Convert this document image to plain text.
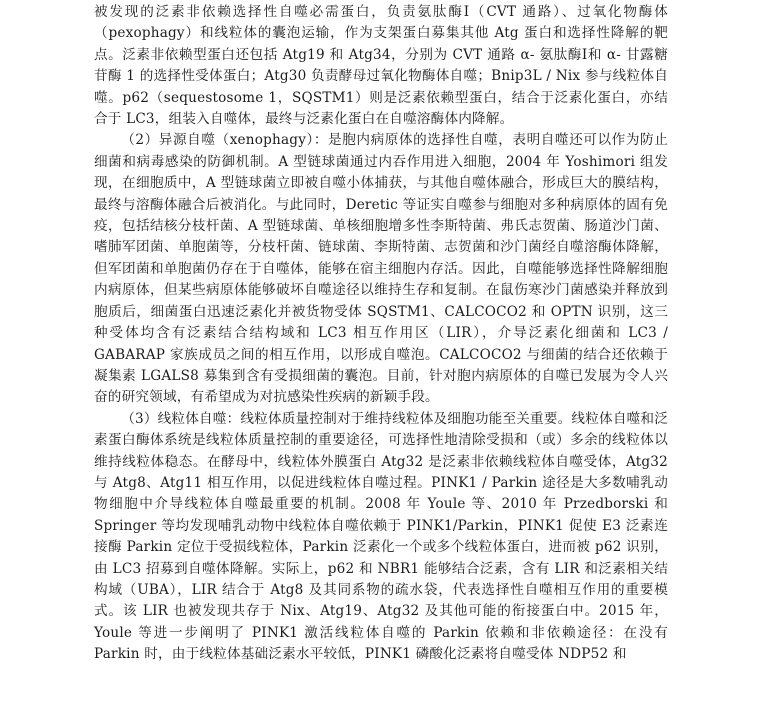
被发现的泛素非依赖选择性自噬必需蛋白，负责氨肽酶Ⅰ（CVT 通路）、过氧化物酶体（pexophagy）和线粒体的囊泡运输，作为支架蛋白募集其他 Atg 蛋白和选择性降解的靶点。泛素非依赖型蛋白还包括 Atg19 和 Atg34，分别为 CVT 通路 α- 氨肽酶Ⅰ和 α- 甘露糖苷酶 1 的选择性受体蛋白；Atg30 负责酵母过氧化物酶体自噬；Bnip3L / Nix 参与线粒体自噬。p62（sequestosome 1，SQSTM1）则是泛素依赖型蛋白，结合于泛素化蛋白，亦结合于 LC3，组装入自噬体，最终与泛素化蛋白在自噬溶酶体内降解。

（2）异源自噬（xenophagy）：是胞内病原体的选择性自噬，表明自噬还可以作为防止细菌和病毒感染的防御机制。A 型链球菌通过内吞作用进入细胞，2004 年 Yoshimori 组发现，在细胞质中，A 型链球菌立即被自噬小体捕获，与其他自噬体融合，形成巨大的膜结构，最终与溶酶体融合后被消化。与此同时，Deretic 等证实自噬参与细胞对多种病原体的固有免疫，包括结核分枝杆菌、A 型链球菌、单核细胞增多性李斯特菌、弗氏志贺菌、肠道沙门菌、嗜肺军团菌、单胞菌等，分枝杆菌、链球菌、李斯特菌、志贺菌和沙门菌经自噬溶酶体降解，但军团菌和单胞菌仍存在于自噬体，能够在宿主细胞内存活。因此，自噬能够选择性降解细胞内病原体，但某些病原体能够破坏自噬途径以维持生存和复制。在鼠伤寒沙门菌感染并释放到胞质后，细菌蛋白迅速泛素化并被货物受体 SQSTM1、CALCOCO2 和 OPTN 识别，这三种受体均含有泛素结合结构域和 LC3 相互作用区（LIR），介导泛素化细菌和 LC3 / GABARAP 家族成员之间的相互作用，以形成自噬泡。CALCOCO2 与细菌的结合还依赖于凝集素 LGALS8 募集到含有受损细菌的囊泡。目前，针对胞内病原体的自噬已发展为令人兴奋的研究领域，有希望成为对抗感染性疾病的新颖手段。

（3）线粒体自噬：线粒体质量控制对于维持线粒体及细胞功能至关重要。线粒体自噬和泛素蛋白酶体系统是线粒体质量控制的重要途径，可选择性地清除受损和（或）多余的线粒体以维持线粒体稳态。在酵母中，线粒体外膜蛋白 Atg32 是泛素非依赖线粒体自噬受体，Atg32 与 Atg8、Atg11 相互作用，以促进线粒体自噬过程。PINK1 / Parkin 途径是大多数哺乳动物细胞中介导线粒体自噬最重要的机制。2008 年 Youle 等、2010 年 Przedborski 和 Springer 等均发现哺乳动物中线粒体自噬依赖于 PINK1/Parkin，PINK1 促使 E3 泛素连接酶 Parkin 定位于受损线粒体，Parkin 泛素化一个或多个线粒体蛋白，进而被 p62 识别，由 LC3 招募到自噬体降解。实际上，p62 和 NBR1 能够结合泛素，含有 LIR 和泛素相关结构域（UBA），LIR 结合于 Atg8 及其同系物的疏水袋，代表选择性自噬相互作用的重要模式。该 LIR 也被发现共存于 Nix、Atg19、Atg32 及其他可能的衔接蛋白中。2015 年，Youle 等进一步阐明了 PINK1 激活线粒体自噬的 Parkin 依赖和非依赖途径：在没有 Parkin 时，由于线粒体基础泛素水平较低，PINK1 磷酸化泛素将自噬受体 NDP52 和
